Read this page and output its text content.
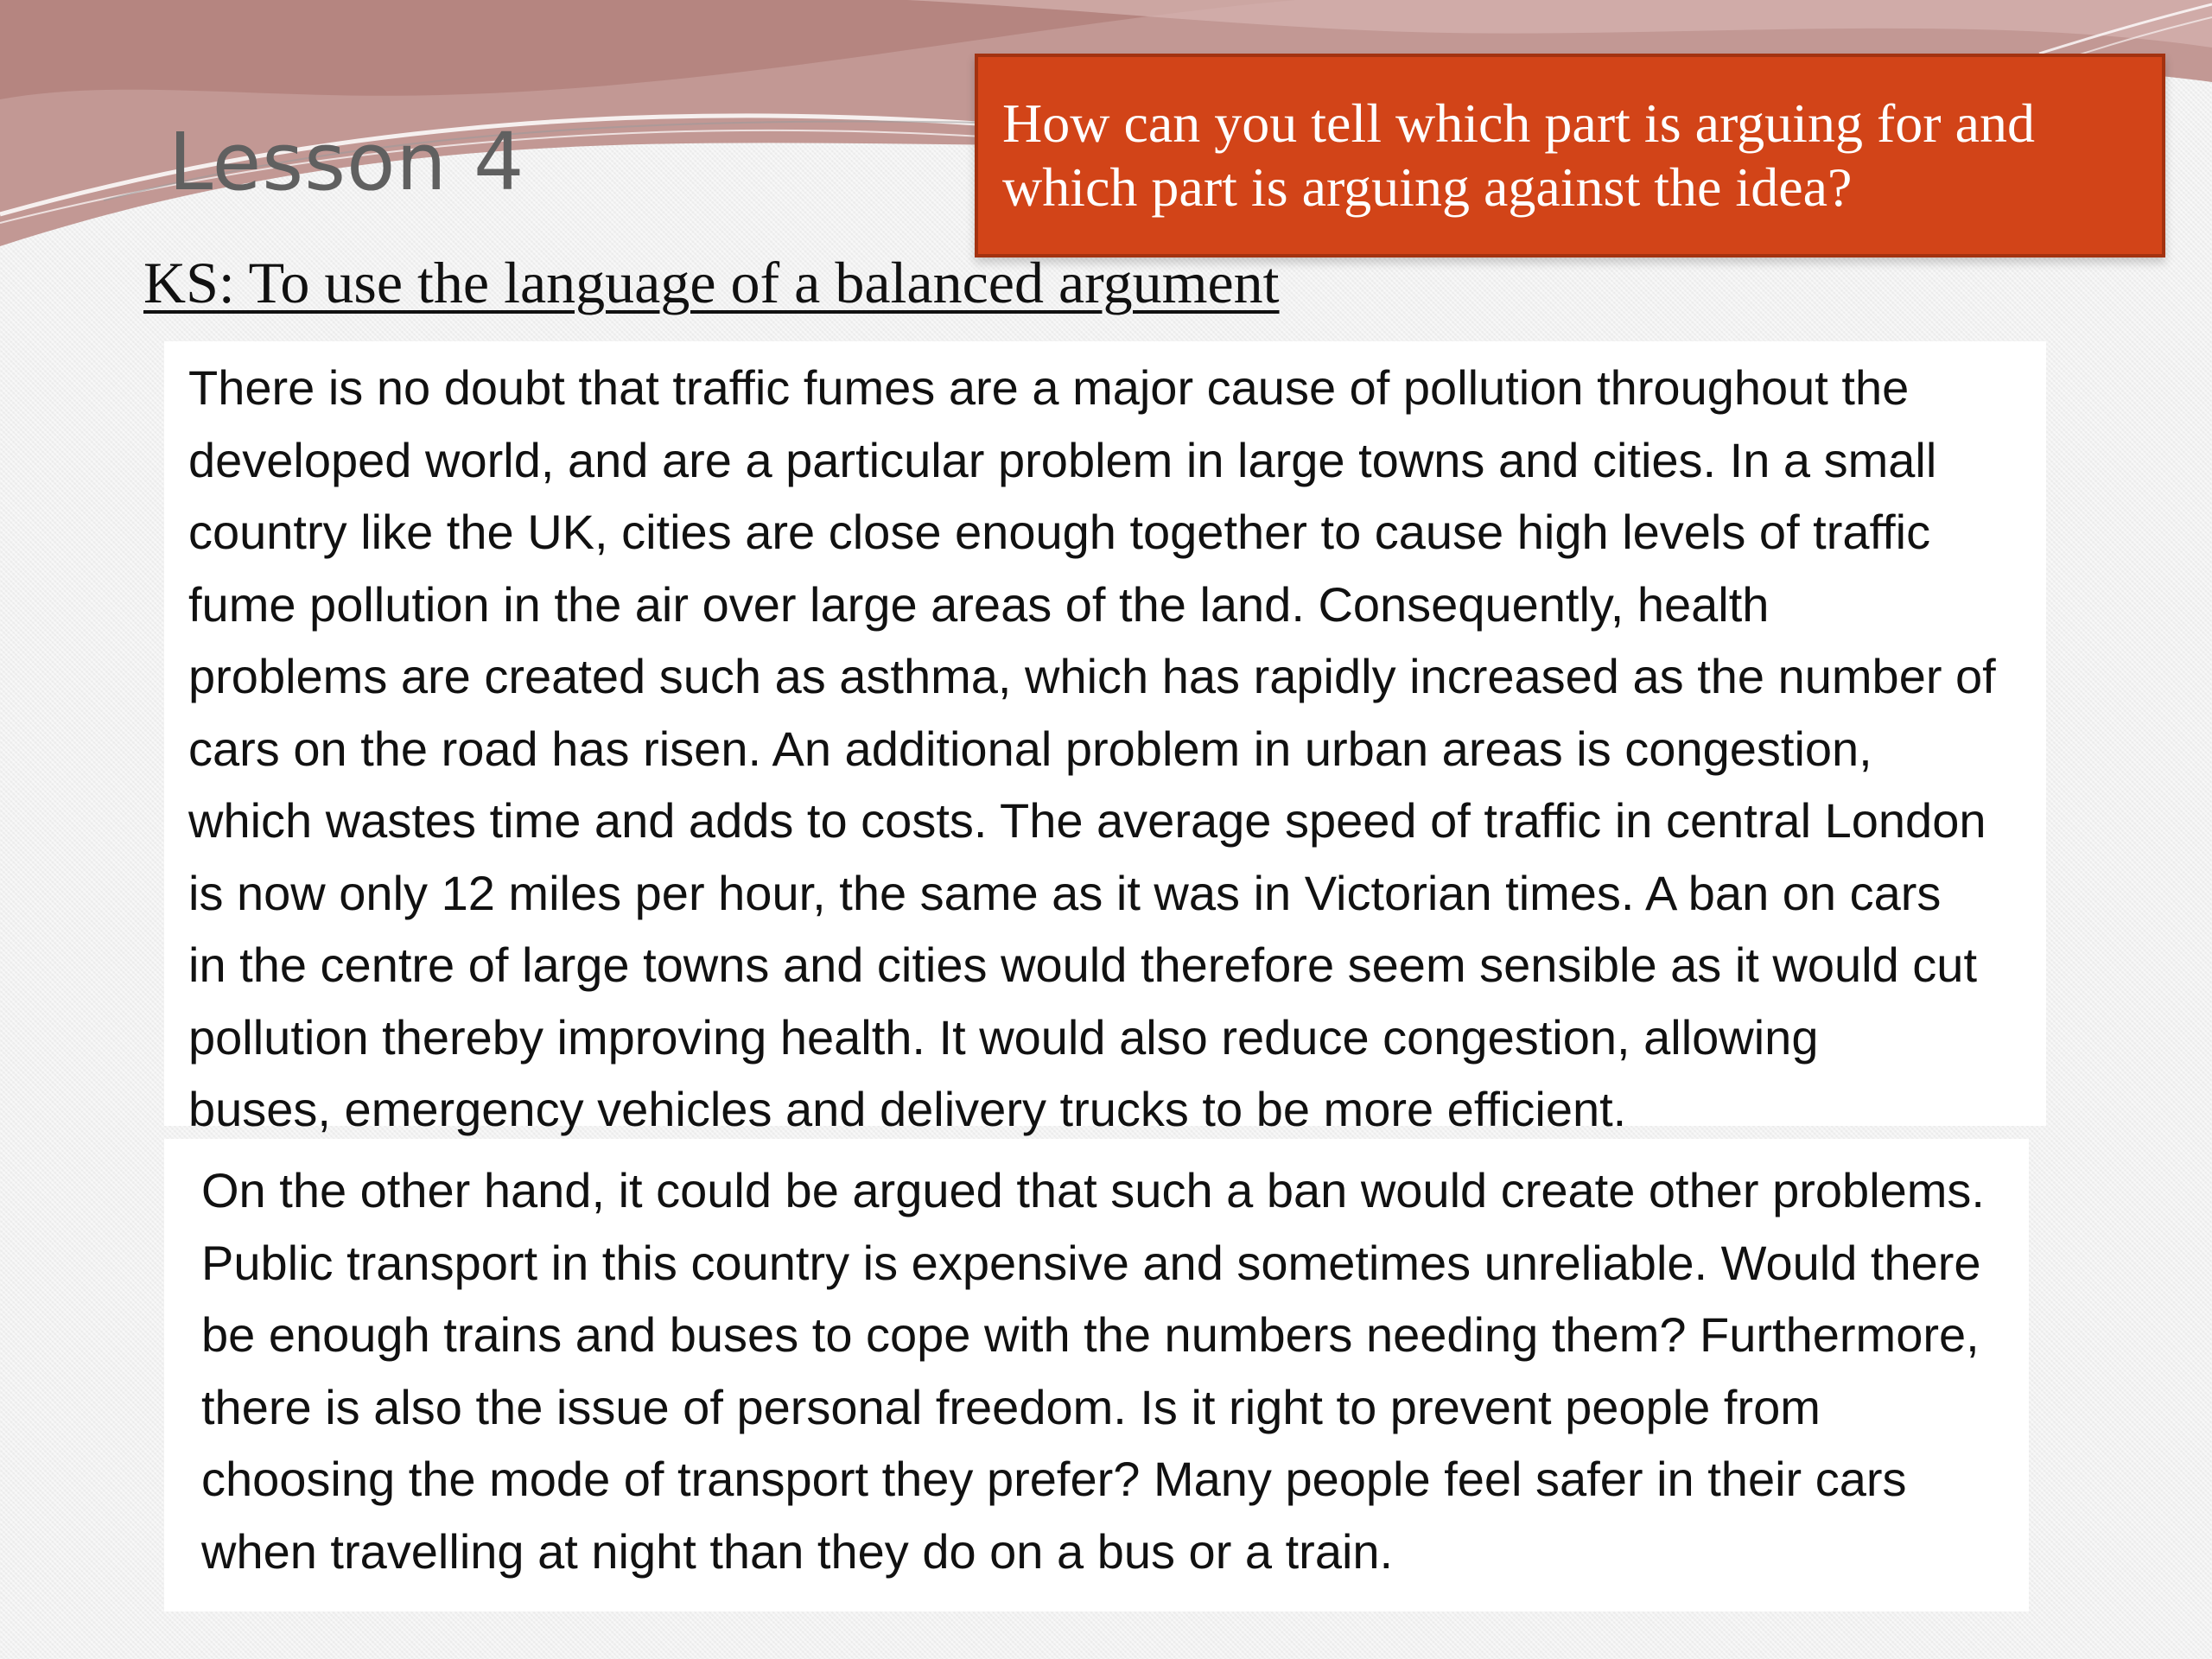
Lesson 4	How can you tell which part is arguing for and
which part is arguing against the idea?
KS: To use the language of a balanced argument
There is no doubt that traffic fumes are a major cause of pollution throughout the
developed world, and are a particular problem in large towns and cities. In a small
country like the UK, cities are close enough together to cause high levels of traffic
fume pollution in the air over large areas of the land. Consequently, health
problems are created such as asthma, which has rapidly increased as the number of
cars on the road has risen. An additional problem in urban areas is congestion,
which wastes time and adds to costs. The average speed of traffic in central London
is now only 12 miles per hour, the same as it was in Victorian times. A ban on cars
in the centre of large towns and cities would therefore seem sensible as it would cut
pollution thereby improving health. It would also reduce congestion, allowing
buses, emergency vehicles and delivery trucks to be more efficient.
On the other hand, it could be argued that such a ban would create other problems.
Public transport in this country is expensive and sometimes unreliable. Would there
be enough trains and buses to cope with the numbers needing them? Furthermore,
there is also the issue of personal freedom. Is it right to prevent people from
choosing the mode of transport they prefer? Many people feel safer in their cars
when travelling at night than they do on a bus or a train.
